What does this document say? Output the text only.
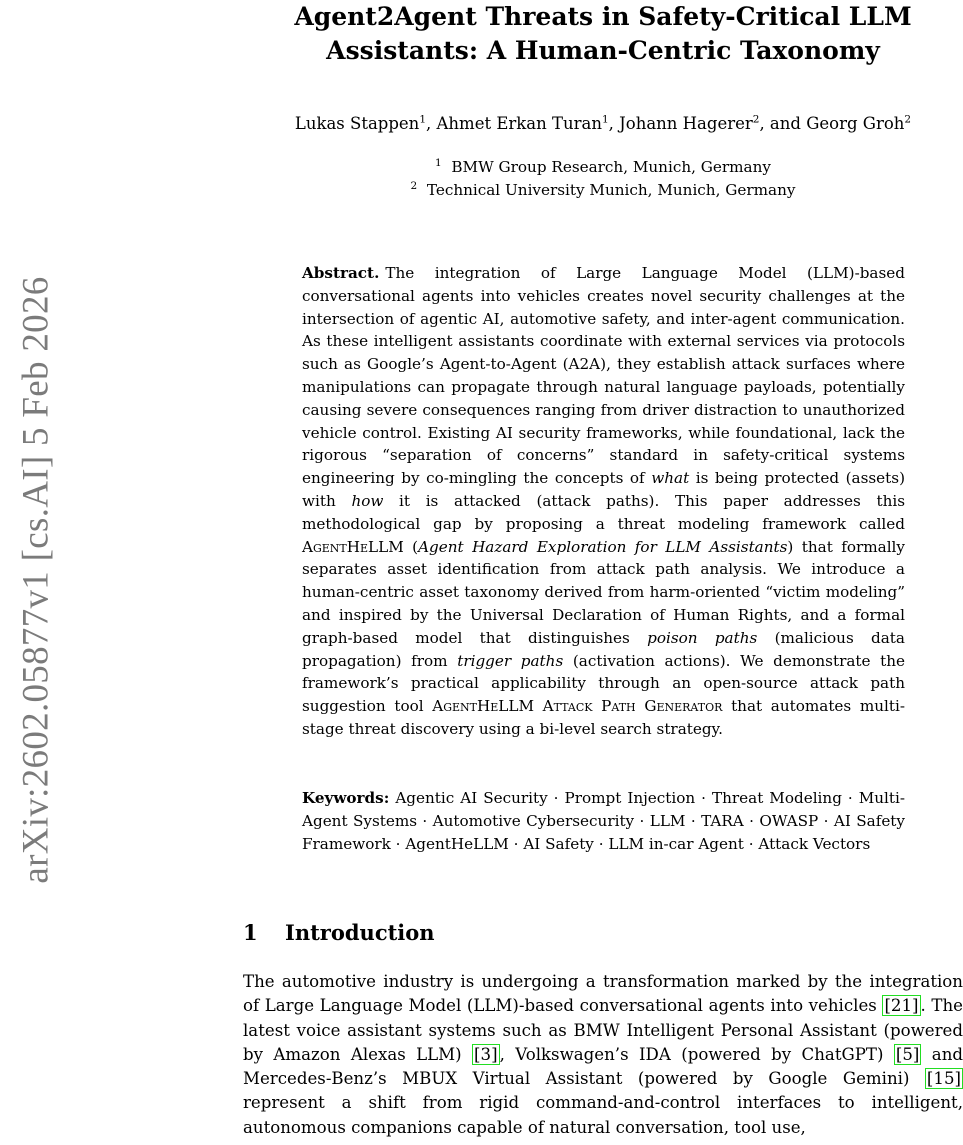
arXiv:2602.05877v1 [cs.AI] 5 Feb 2026
Agent2Agent Threats in Safety-Critical LLM
Assistants: A Human-Centric Taxonomy
Lukas Stappen$^1$, Ahmet Erkan Turan$^1$, Johann Hagerer$^2$, and Georg Groh$^2$
$^1$ BMW Group Research, Munich, Germany
$^2$ Technical University Munich, Munich, Germany
Abstract. The integration of Large Language Model (LLM)-based conversational agents into vehicles creates novel security challenges at the intersection of agentic AI, automotive safety, and inter-agent communication. As these intelligent assistants coordinate with external services via protocols such as Google’s Agent-to-Agent (A2A), they establish attack surfaces where manipulations can propagate through natural language payloads, potentially causing severe consequences ranging from driver distraction to unauthorized vehicle control. Existing AI security frameworks, while foundational, lack the rigorous “separation of concerns” standard in safety-critical systems engineering by co-mingling the concepts of what is being protected (assets) with how it is attacked (attack paths). This paper addresses this methodological gap by proposing a threat modeling framework called AgentHeLLM (Agent Hazard Exploration for LLM Assistants) that formally separates asset identification from attack path analysis. We introduce a human-centric asset taxonomy derived from harm-oriented “victim modeling” and inspired by the Universal Declaration of Human Rights, and a formal graph-based model that distinguishes poison paths (malicious data propagation) from trigger paths (activation actions). We demonstrate the framework’s practical applicability through an open-source attack path suggestion tool AgentHeLLM Attack Path Generator that automates multi-stage threat discovery using a bi-level search strategy.
Keywords: Agentic AI Security · Prompt Injection · Threat Modeling · Multi-Agent Systems · Automotive Cybersecurity · LLM · TARA · OWASP · AI Safety Framework · AgentHeLLM · AI Safety · LLM in-car Agent · Attack Vectors
1 Introduction
The automotive industry is undergoing a transformation marked by the integration of Large Language Model (LLM)-based conversational agents into vehicles [21] . The latest voice assistant systems such as BMW Intelligent Personal Assistant (powered by Amazon Alexas LLM) [3] , Volkswagen’s IDA (powered by ChatGPT) [5] and Mercedes-Benz’s MBUX Virtual Assistant (powered by Google Gemini) [15] represent a shift from rigid command-and-control interfaces to intelligent, autonomous companions capable of natural conversation, tool use,
